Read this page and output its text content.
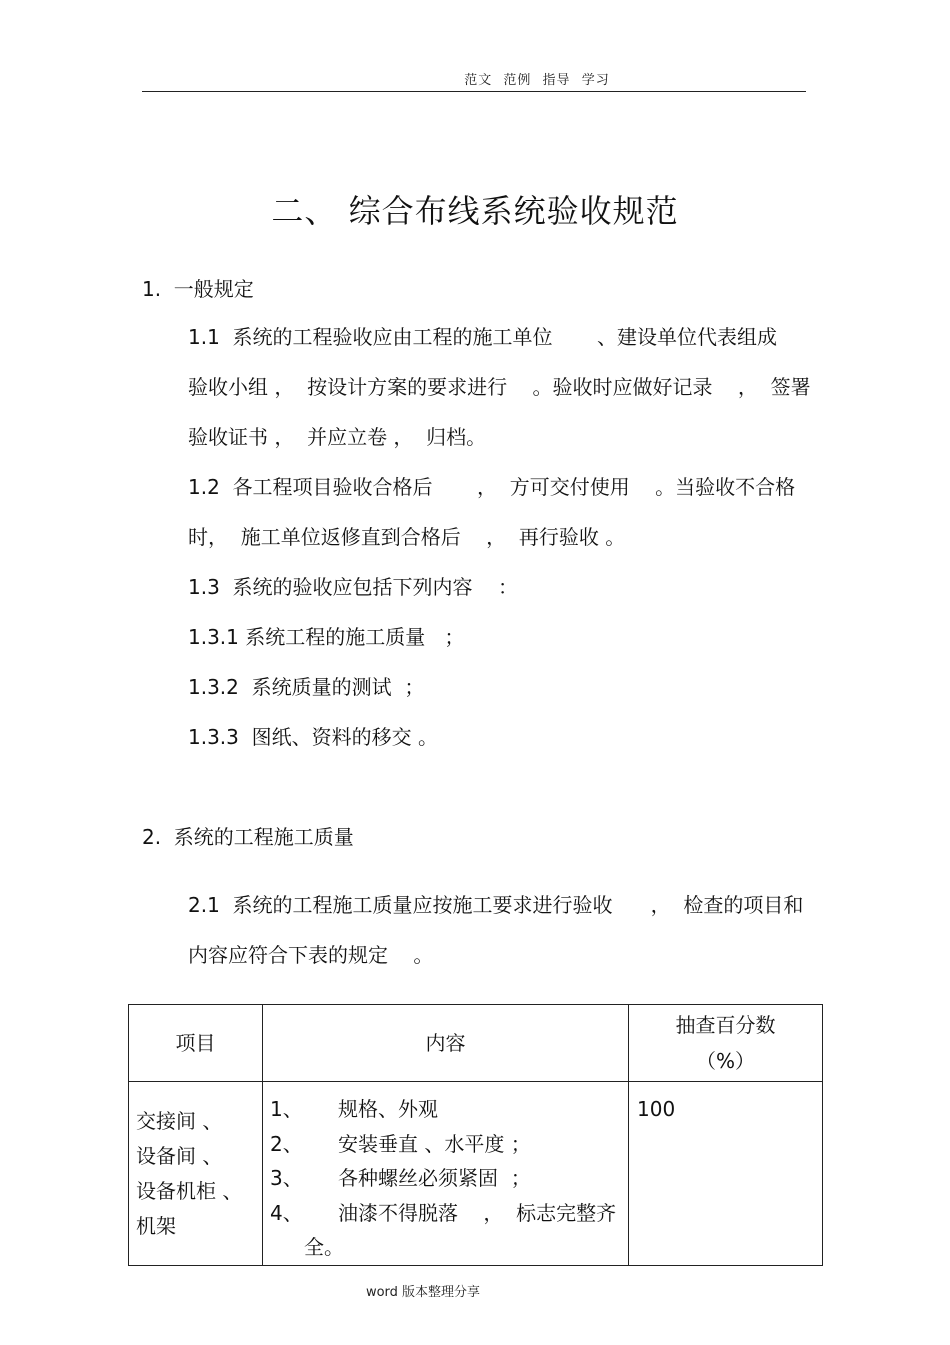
范文 范例 指导 学习
二、 综合布线系统验收规范
1.  一般规定
1.1  系统的工程验收应由工程的施工单位       、建设单位代表组成
验收小组 ，  按设计方案的要求进行    。验收时应做好记录    ，  签署
验收证书 ，  并应立卷 ，  归档。
1.2  各工程项目验收合格后       ，  方可交付使用    。当验收不合格
时，  施工单位返修直到合格后    ，  再行验收 。
1.3  系统的验收应包括下列内容    ：
1.3.1 系统工程的施工质量   ；
1.3.2  系统质量的测试  ；
1.3.3  图纸、资料的移交 。
2.  系统的工程施工质量
2.1  系统的工程施工质量应按施工要求进行验收      ，  检查的项目和
内容应符合下表的规定    。
项目	内容	抽查百分数
（%）

交接间 、
设备间 、
设备机柜 、
机架	1、 规格、外观
2、 安装垂直 、水平度 ；
3、 各种螺丝必须紧固  ；
4、 油漆不得脱落    ，  标志完整齐
全。	100
word 版本整理分享
